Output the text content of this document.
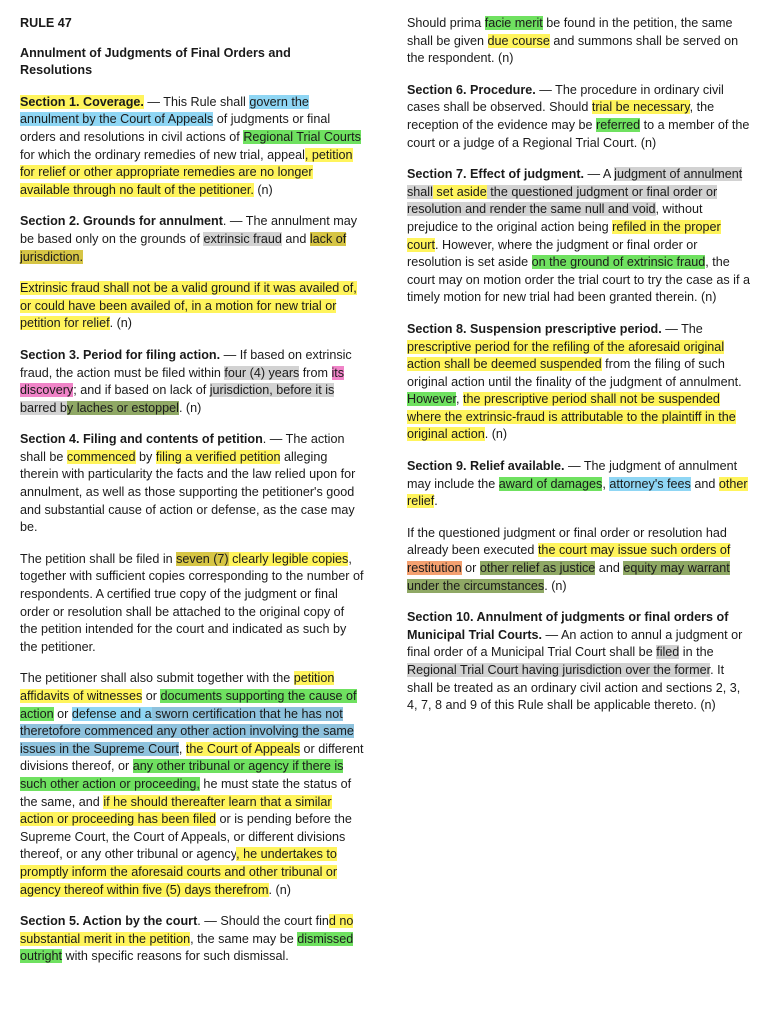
RULE 47
Annulment of Judgments of Final Orders and Resolutions

Section 1. Coverage. — This Rule shall govern the annulment by the Court of Appeals of judgments or final orders and resolutions in civil actions of Regional Trial Courts for which the ordinary remedies of new trial, appeal, petition for relief or other appropriate remedies are no longer available through no fault of the petitioner. (n)

Section 2. Grounds for annulment. — The annulment may be based only on the grounds of extrinsic fraud and lack of jurisdiction.

Extrinsic fraud shall not be a valid ground if it was availed of, or could have been availed of, in a motion for new trial or petition for relief. (n)

Section 3. Period for filing action. — If based on extrinsic fraud, the action must be filed within four (4) years from its discovery; and if based on lack of jurisdiction, before it is barred by laches or estoppel. (n)

Section 4. Filing and contents of petition. — The action shall be commenced by filing a verified petition alleging therein with particularity the facts and the law relied upon for annulment, as well as those supporting the petitioner's good and substantial cause of action or defense, as the case may be.

The petition shall be filed in seven (7) clearly legible copies, together with sufficient copies corresponding to the number of respondents. A certified true copy of the judgment or final order or resolution shall be attached to the original copy of the petition intended for the court and indicated as such by the petitioner.

The petitioner shall also submit together with the petition affidavits of witnesses or documents supporting the cause of action or defense and a sworn certification that he has not theretofore commenced any other action involving the same issues in the Supreme Court, the Court of Appeals or different divisions thereof, or any other tribunal or agency if there is such other action or proceeding, he must state the status of the same, and if he should thereafter learn that a similar action or proceeding has been filed or is pending before the Supreme Court, the Court of Appeals, or different divisions thereof, or any other tribunal or agency, he undertakes to promptly inform the aforesaid courts and other tribunal or agency thereof within five (5) days therefrom. (n)

Section 5. Action by the court. — Should the court find no substantial merit in the petition, the same may be dismissed outright with specific reasons for such dismissal.

Should prima facie merit be found in the petition, the same shall be given due course and summons shall be served on the respondent. (n)

Section 6. Procedure. — The procedure in ordinary civil cases shall be observed. Should trial be necessary, the reception of the evidence may be referred to a member of the court or a judge of a Regional Trial Court. (n)

Section 7. Effect of judgment. — A judgment of annulment shall set aside the questioned judgment or final order or resolution and render the same null and void, without prejudice to the original action being refiled in the proper court. However, where the judgment or final order or resolution is set aside on the ground of extrinsic fraud, the court may on motion order the trial court to try the case as if a timely motion for new trial had been granted therein. (n)

Section 8. Suspension prescriptive period. — The prescriptive period for the refiling of the aforesaid original action shall be deemed suspended from the filing of such original action until the finality of the judgment of annulment. However, the prescriptive period shall not be suspended where the extrinsic-fraud is attributable to the plaintiff in the original action. (n)

Section 9. Relief available. — The judgment of annulment may include the award of damages, attorney's fees and other relief.

If the questioned judgment or final order or resolution had already been executed the court may issue such orders of restitution or other relief as justice and equity may warrant under the circumstances. (n)

Section 10. Annulment of judgments or final orders of Municipal Trial Courts. — An action to annul a judgment or final order of a Municipal Trial Court shall be filed in the Regional Trial Court having jurisdiction over the former. It shall be treated as an ordinary civil action and sections 2, 3, 4, 7, 8 and 9 of this Rule shall be applicable thereto. (n)
